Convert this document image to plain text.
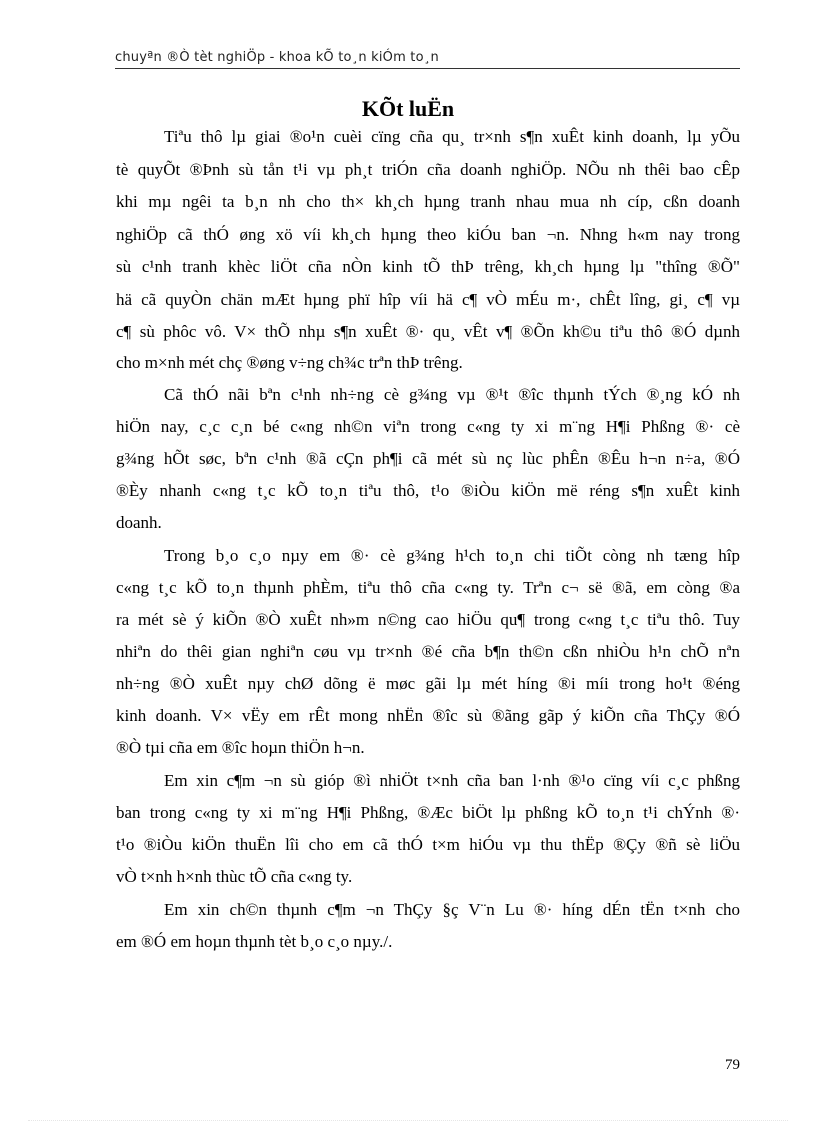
chuyªn ®Ò tèt nghiÖp - khoa kÕ to¸n kiÓm to¸n
KÕt luËn
Tiªu thô lµ giai ®o¹n cuèi cïng cña qu¸ tr×nh s¶n xuÊt kinh doanh, lµ yÕu
tè quyÕt ®Þnh sù tån t¹i vµ ph¸t triÓn cña doanh nghiÖp. NÕu nh thêi bao cÊp
khi mµ ngêi ta b¸n nh cho th× kh¸ch hµng tranh nhau mua nh cíp, cßn doanh
nghiÖp cã thÓ øng xö víi kh¸ch hµng theo kiÓu ban ¬n. Nhng h«m nay trong
sù c¹nh tranh khèc liÖt cña nÒn kinh tÕ thÞ trêng, kh¸ch hµng lµ "thîng ®Õ"
hä cã quyÒn chän mÆt hµng phï hîp víi hä c¶ vÒ mÉu m·, chÊt lîng, gi¸ c¶ vµ
c¶ sù phôc vô. V× thÕ nhµ s¶n xuÊt ®· qu¸ vÊt v¶ ®Õn kh©u tiªu thô ®Ó dµnh
cho m×nh mét chç ®øng v÷ng ch¾c trªn thÞ trêng.
Cã thÓ nãi bªn c¹nh nh÷ng cè g¾ng vµ ®¹t ®îc thµnh tÝch ®¸ng kÓ nh
hiÖn nay, c¸c c¸n bé c«ng nh©n viªn trong c«ng ty xi m¨ng H¶i Phßng ®· cè
g¾ng hÕt søc, bªn c¹nh ®ã cÇn ph¶i cã mét sù nç lùc phÊn ®Êu h¬n n÷a, ®Ó
®Èy nhanh c«ng t¸c kÕ to¸n tiªu thô, t¹o ®iÒu kiÖn më réng s¶n xuÊt kinh
doanh.
Trong b¸o c¸o nµy em ®· cè g¾ng h¹ch to¸n chi tiÕt còng nh tæng hîp
c«ng t¸c kÕ to¸n thµnh phÈm, tiªu thô cña c«ng ty. Trªn c¬ së ®ã, em còng ®a
ra mét sè ý kiÕn ®Ò xuÊt nh»m n©ng cao hiÖu qu¶ trong c«ng t¸c tiªu thô. Tuy
nhiªn do thêi gian nghiªn cøu vµ tr×nh ®é cña b¶n th©n cßn nhiÒu h¹n chÕ nªn
nh÷ng ®Ò xuÊt nµy chØ dõng ë møc gãi lµ mét híng ®i míi trong ho¹t ®éng
kinh doanh. V× vËy em rÊt mong nhËn ®îc sù ®ãng gãp ý kiÕn cña ThÇy ®Ó
®Ò tµi cña em ®îc hoµn thiÖn h¬n.
Em xin c¶m ¬n sù gióp ®ì nhiÖt t×nh cña ban l·nh ®¹o cïng víi c¸c phßng
ban trong c«ng ty xi m¨ng H¶i Phßng, ®Æc biÖt lµ phßng kÕ to¸n t¹i chÝnh ®·
t¹o ®iÒu kiÖn thuËn lîi cho em cã thÓ t×m hiÓu vµ thu thËp ®Çy ®ñ sè liÖu
vÒ t×nh h×nh thùc tÕ cña c«ng ty.
Em xin ch©n thµnh c¶m ¬n ThÇy §ç V¨n Lu ®· híng dÉn tËn t×nh cho
em ®Ó em hoµn thµnh tèt b¸o c¸o nµy./.
79
